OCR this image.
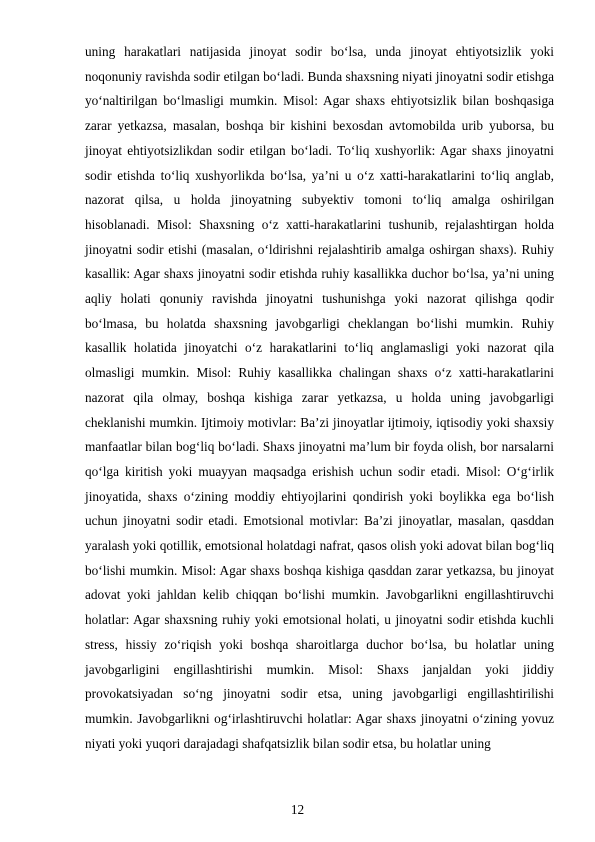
uning harakatlari natijasida jinoyat sodir bo‘lsa, unda jinoyat ehtiyotsizlik yoki noqonuniy ravishda sodir etilgan bo‘ladi. Bunda shaxsning niyati jinoyatni sodir etishga yo‘naltirilgan bo‘lmasligi mumkin. Misol: Agar shaxs ehtiyotsizlik bilan boshqasiga zarar yetkazsa, masalan, boshqa bir kishini bexosdan avtomobilda urib yuborsa, bu jinoyat ehtiyotsizlikdan sodir etilgan bo‘ladi. To‘liq xushyorlik: Agar shaxs jinoyatni sodir etishda to‘liq xushyorlikda bo‘lsa, ya’ni u o‘z xatti-harakatlarini to‘liq anglab, nazorat qilsa, u holda jinoyatning subyektiv tomoni to‘liq amalga oshirilgan hisoblanadi. Misol: Shaxsning o‘z xatti-harakatlarini tushunib, rejalashtirgan holda jinoyatni sodir etishi (masalan, o‘ldirishni rejalashtirib amalga oshirgan shaxs). Ruhiy kasallik: Agar shaxs jinoyatni sodir etishda ruhiy kasallikka duchor bo‘lsa, ya’ni uning aqliy holati qonuniy ravishda jinoyatni tushunishga yoki nazorat qilishga qodir bo‘lmasa, bu holatda shaxsning javobgarligi cheklangan bo‘lishi mumkin. Ruhiy kasallik holatida jinoyatchi o‘z harakatlarini to‘liq anglamasligi yoki nazorat qila olmasligi mumkin. Misol: Ruhiy kasallikka chalingan shaxs o‘z xatti-harakatlarini nazorat qila olmay, boshqa kishiga zarar yetkazsa, u holda uning javobgarligi cheklanishi mumkin. Ijtimoiy motivlar: Ba’zi jinoyatlar ijtimoiy, iqtisodiy yoki shaxsiy manfaatlar bilan bog‘liq bo‘ladi. Shaxs jinoyatni ma’lum bir foyda olish, bor narsalarni qo‘lga kiritish yoki muayyan maqsadga erishish uchun sodir etadi. Misol: O‘g‘irlik jinoyatida, shaxs o‘zining moddiy ehtiyojlarini qondirish yoki boylikka ega bo‘lish uchun jinoyatni sodir etadi. Emotsional motivlar: Ba’zi jinoyatlar, masalan, qasddan yaralash yoki qotillik, emotsional holatdagi nafrat, qasos olish yoki adovat bilan bog‘liq bo‘lishi mumkin. Misol: Agar shaxs boshqa kishiga qasddan zarar yetkazsa, bu jinoyat adovat yoki jahldan kelib chiqqan bo‘lishi mumkin. Javobgarlikni engillashtiruvchi holatlar: Agar shaxsning ruhiy yoki emotsional holati, u jinoyatni sodir etishda kuchli stress, hissiy zo‘riqish yoki boshqa sharoitlarga duchor bo‘lsa, bu holatlar uning javobgarligini engillashtirishi mumkin. Misol: Shaxs janjaldan yoki jiddiy provokatsiyadan so‘ng jinoyatni sodir etsa, uning javobgarligi engillashtirilishi mumkin. Javobgarlikni og‘irlashtiruvchi holatlar: Agar shaxs jinoyatni o‘zining yovuz niyati yoki yuqori darajadagi shafqatsizlik bilan sodir etsa, bu holatlar uning

12
